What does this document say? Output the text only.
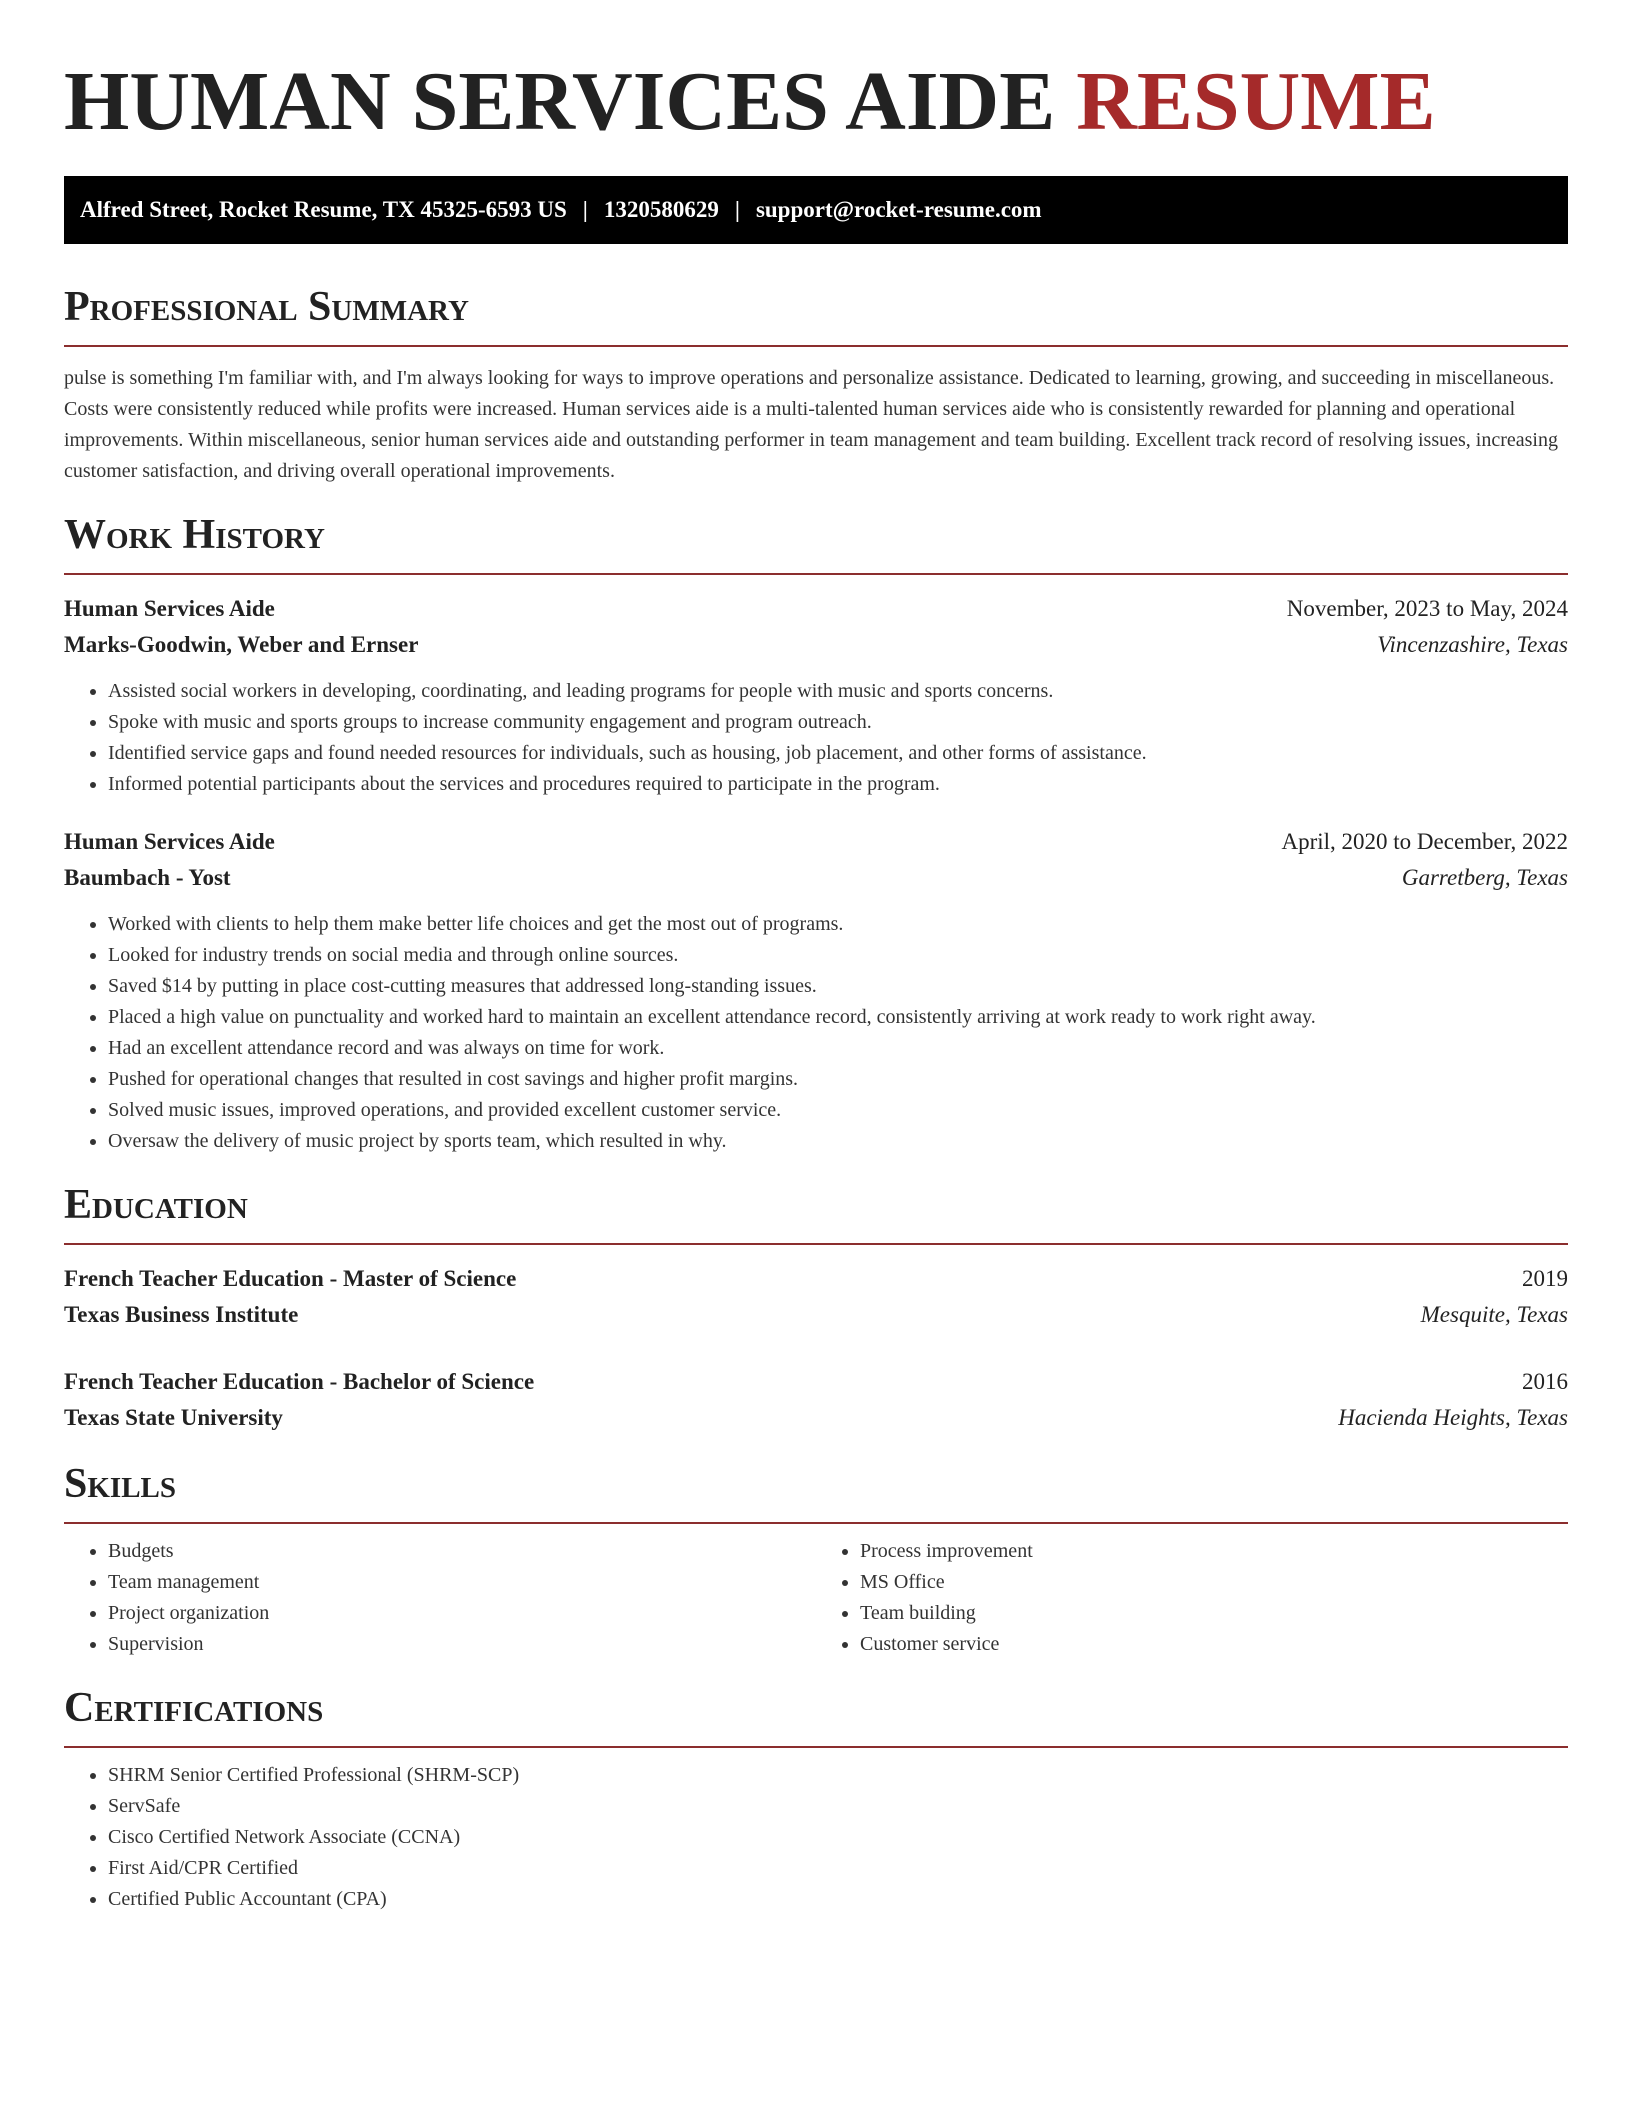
HUMAN SERVICES AIDE RESUME
Alfred Street, Rocket Resume, TX 45325-6593 US | 1320580629 | support@rocket-resume.com
Professional Summary

pulse is something I'm familiar with, and I'm always looking for ways to improve operations and personalize assistance. Dedicated to learning, growing, and succeeding in miscellaneous. Costs were consistently reduced while profits were increased. Human services aide is a multi-talented human services aide who is consistently rewarded for planning and operational improvements. Within miscellaneous, senior human services aide and outstanding performer in team management and team building. Excellent track record of resolving issues, increasing customer satisfaction, and driving overall operational improvements.

Work History
Human Services Aide	November, 2023 to May, 2024
Marks-Goodwin, Weber and Ernser	Vincenzashire, Texas
• Assisted social workers in developing, coordinating, and leading programs for people with music and sports concerns.
• Spoke with music and sports groups to increase community engagement and program outreach.
• Identified service gaps and found needed resources for individuals, such as housing, job placement, and other forms of assistance.
• Informed potential participants about the services and procedures required to participate in the program.
Human Services Aide	April, 2020 to December, 2022
Baumbach - Yost	Garretberg, Texas
• Worked with clients to help them make better life choices and get the most out of programs.
• Looked for industry trends on social media and through online sources.
• Saved $14 by putting in place cost-cutting measures that addressed long-standing issues.
• Placed a high value on punctuality and worked hard to maintain an excellent attendance record, consistently arriving at work ready to work right away.
• Had an excellent attendance record and was always on time for work.
• Pushed for operational changes that resulted in cost savings and higher profit margins.
• Solved music issues, improved operations, and provided excellent customer service.
• Oversaw the delivery of music project by sports team, which resulted in why.
Education
French Teacher Education - Master of Science	2019
Texas Business Institute	Mesquite, Texas
French Teacher Education - Bachelor of Science	2016
Texas State University	Hacienda Heights, Texas
Skills
• Budgets
• Team management
• Project organization
• Supervision
• Process improvement
• MS Office
• Team building
• Customer service
Certifications
• SHRM Senior Certified Professional (SHRM-SCP)
• ServSafe
• Cisco Certified Network Associate (CCNA)
• First Aid/CPR Certified
• Certified Public Accountant (CPA)
